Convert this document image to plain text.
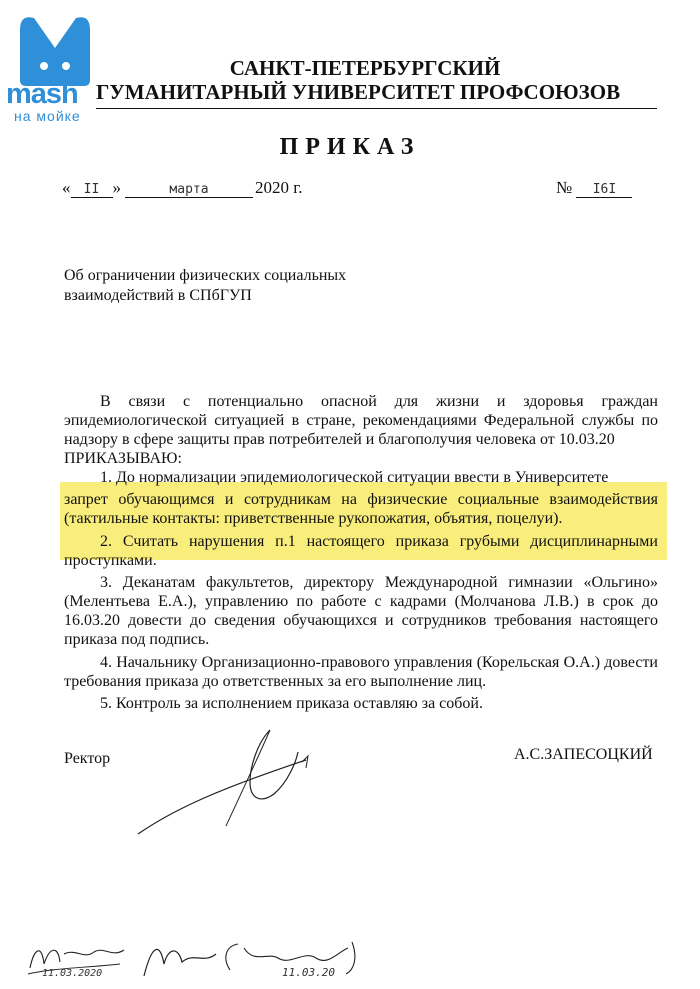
mash
на мойке
САНКТ-ПЕТЕРБУРГСКИЙ
ГУМАНИТАРНЫЙ УНИВЕРСИТЕТ ПРОФСОЮЗОВ
ПРИКАЗ
« II »	марта	2020 г.	№ I6I
Об ограничении физических социальных
взаимодействий в СПбГУП

В связи с потенциально опасной для жизни и здоровья граждан эпидемиологической ситуацией в стране, рекомендациями Федеральной службы по надзору в сфере защиты прав потребителей и благополучия человека от 10.03.20

ПРИКАЗЫВАЮ:

1. До нормализации эпидемиологической ситуации ввести в Университете

запрет обучающимся и сотрудникам на физические социальные взаимодействия (тактильные контакты: приветственные рукопожатия, объятия, поцелуи).

2. Считать нарушения п.1 настоящего приказа грубыми дисциплинарными проступками.

3. Деканатам факультетов, директору Международной гимназии «Ольгино» (Мелентьева Е.А.), управлению по работе с кадрами (Молчанова Л.В.) в срок до 16.03.20 довести до сведения обучающихся и сотрудников требования настоящего приказа под подпись.

4. Начальнику Организационно-правового управления (Корельская О.А.) довести требования приказа до ответственных за его выполнение лиц.

5. Контроль за исполнением приказа оставляю за собой.

Ректор	А.С.ЗАПЕСОЦКИЙ
11.03.2020	11.03.20
